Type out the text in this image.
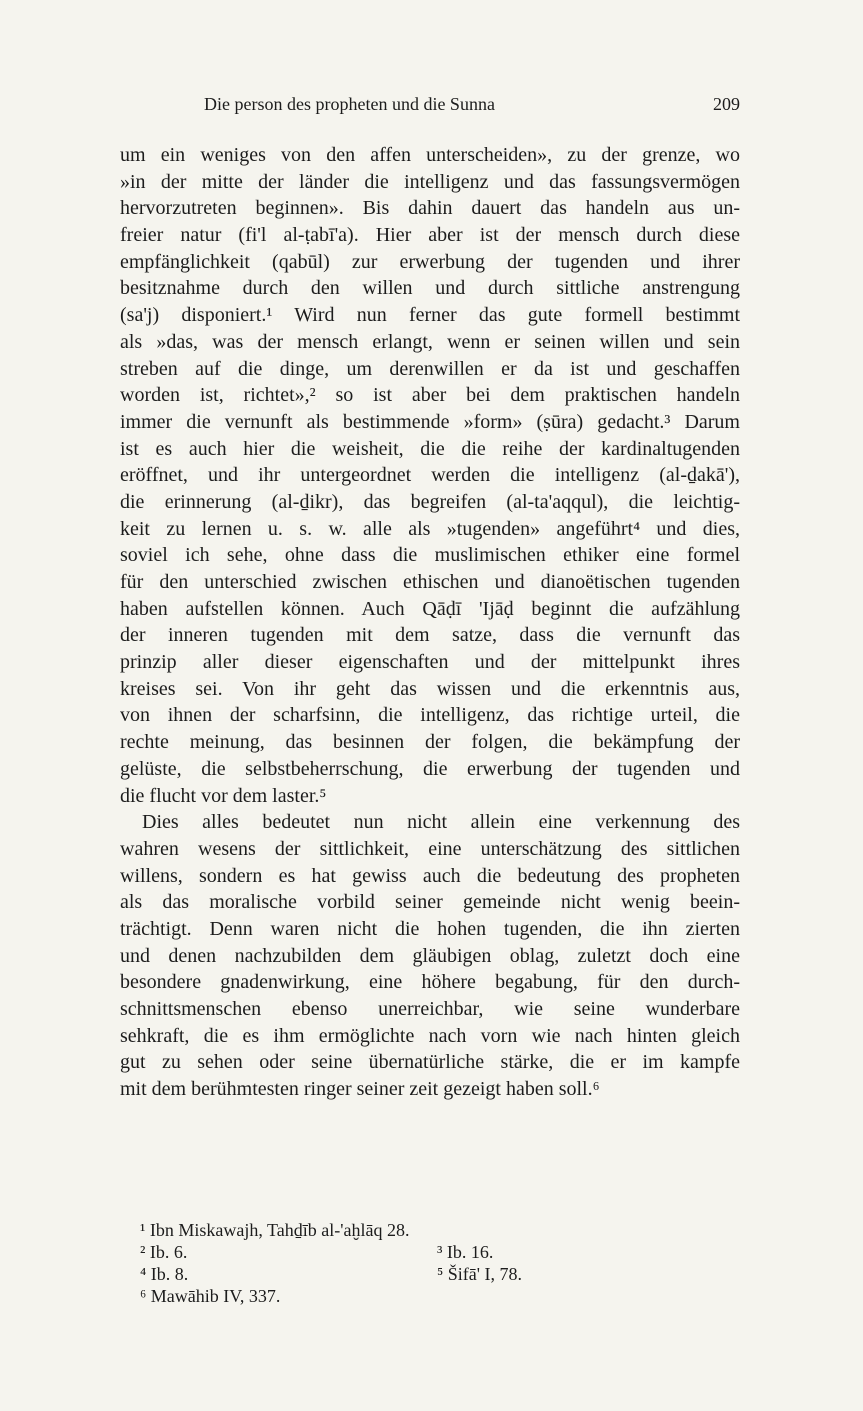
Die person des propheten und die Sunna	209
um ein weniges von den affen unterscheiden», zu der grenze, wo
»in der mitte der länder die intelligenz und das fassungsvermögen
hervorzutreten beginnen». Bis dahin dauert das handeln aus un-
freier natur (fi'l al-ṭabī'a). Hier aber ist der mensch durch diese
empfänglichkeit (qabūl) zur erwerbung der tugenden und ihrer
besitznahme durch den willen und durch sittliche anstrengung
(sa'j) disponiert.¹ Wird nun ferner das gute formell bestimmt
als »das, was der mensch erlangt, wenn er seinen willen und sein
streben auf die dinge, um derenwillen er da ist und geschaffen
worden ist, richtet»,² so ist aber bei dem praktischen handeln
immer die vernunft als bestimmende »form» (ṣūra) gedacht.³ Darum
ist es auch hier die weisheit, die die reihe der kardinaltugenden
eröffnet, und ihr untergeordnet werden die intelligenz (al-ḏakā'),
die erinnerung (al-ḏikr), das begreifen (al-ta'aqqul), die leichtig-
keit zu lernen u. s. w. alle als »tugenden» angeführt⁴ und dies,
soviel ich sehe, ohne dass die muslimischen ethiker eine formel
für den unterschied zwischen ethischen und dianoëtischen tugenden
haben aufstellen können. Auch Qāḍī 'Ijāḍ beginnt die aufzählung
der inneren tugenden mit dem satze, dass die vernunft das
prinzip aller dieser eigenschaften und der mittelpunkt ihres
kreises sei. Von ihr geht das wissen und die erkenntnis aus,
von ihnen der scharfsinn, die intelligenz, das richtige urteil, die
rechte meinung, das besinnen der folgen, die bekämpfung der
gelüste, die selbstbeherrschung, die erwerbung der tugenden und
die flucht vor dem laster.⁵
Dies alles bedeutet nun nicht allein eine verkennung des
wahren wesens der sittlichkeit, eine unterschätzung des sittlichen
willens, sondern es hat gewiss auch die bedeutung des propheten
als das moralische vorbild seiner gemeinde nicht wenig beein-
trächtigt. Denn waren nicht die hohen tugenden, die ihn zierten
und denen nachzubilden dem gläubigen oblag, zuletzt doch eine
besondere gnadenwirkung, eine höhere begabung, für den durch-
schnittsmenschen ebenso unerreichbar, wie seine wunderbare
sehkraft, die es ihm ermöglichte nach vorn wie nach hinten gleich
gut zu sehen oder seine übernatürliche stärke, die er im kampfe
mit dem berühmtesten ringer seiner zeit gezeigt haben soll.⁶
¹ Ibn Miskawajh, Tahḏīb al-'aḫlāq 28.
² Ib. 6.	³ Ib. 16.
⁴ Ib. 8.	⁵ Šifā' I, 78.
⁶ Mawāhib IV, 337.
